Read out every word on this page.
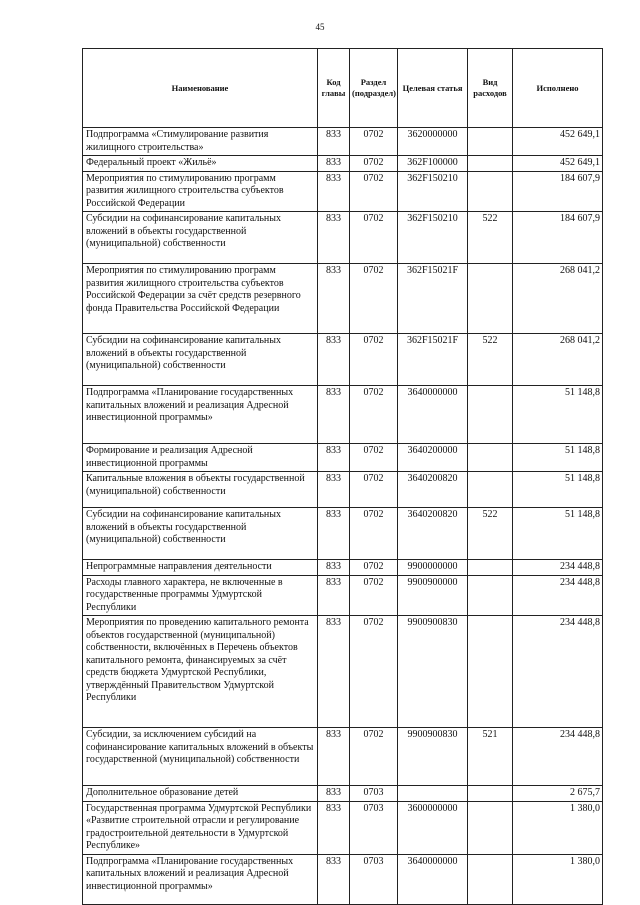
45
Наименование	Код главы	Раздел (подраздел)	Целевая статья	Вид расходов	Исполнено
Подпрограмма «Стимулирование развития жилищного строительства»	833	0702	3620000000		452 649,1
Федеральный проект «Жильё»	833	0702	362F100000		452 649,1
Мероприятия по стимулированию программ развития жилищного строительства субъектов Российской Федерации	833	0702	362F150210		184 607,9
Субсидии на софинансирование капитальных вложений в объекты государственной (муниципальной) собственности	833	0702	362F150210	522	184 607,9
Мероприятия по стимулированию программ развития жилищного строительства субъектов Российской Федерации за счёт средств резервного фонда Правительства Российской Федерации	833	0702	362F15021F		268 041,2
Субсидии на софинансирование капитальных вложений в объекты государственной (муниципальной) собственности	833	0702	362F15021F	522	268 041,2
Подпрограмма «Планирование государственных капитальных вложений и реализация Адресной инвестиционной программы»	833	0702	3640000000		51 148,8
Формирование и реализация Адресной инвестиционной программы	833	0702	3640200000		51 148,8
Капитальные вложения в объекты государственной (муниципальной) собственности	833	0702	3640200820		51 148,8
Субсидии на софинансирование капитальных вложений в объекты государственной (муниципальной) собственности	833	0702	3640200820	522	51 148,8
Непрограммные направления деятельности	833	0702	9900000000		234 448,8
Расходы главного характера, не включенные в государственные программы Удмуртской Республики	833	0702	9900900000		234 448,8
Мероприятия по проведению капитального ремонта объектов государственной (муниципальной) собственности, включённых в Перечень объектов капитального ремонта, финансируемых за счёт средств бюджета Удмуртской Республики, утверждённый Правительством Удмуртской Республики	833	0702	9900900830		234 448,8
Субсидии, за исключением субсидий на софинансирование капитальных вложений в объекты государственной (муниципальной) собственности	833	0702	9900900830	521	234 448,8
Дополнительное образование детей	833	0703			2 675,7
Государственная программа Удмуртской Республики «Развитие строительной отрасли и регулирование градостроительной деятельности в Удмуртской Республике»	833	0703	3600000000		1 380,0
Подпрограмма «Планирование государственных капитальных вложений и реализация Адресной инвестиционной программы»	833	0703	3640000000		1 380,0
